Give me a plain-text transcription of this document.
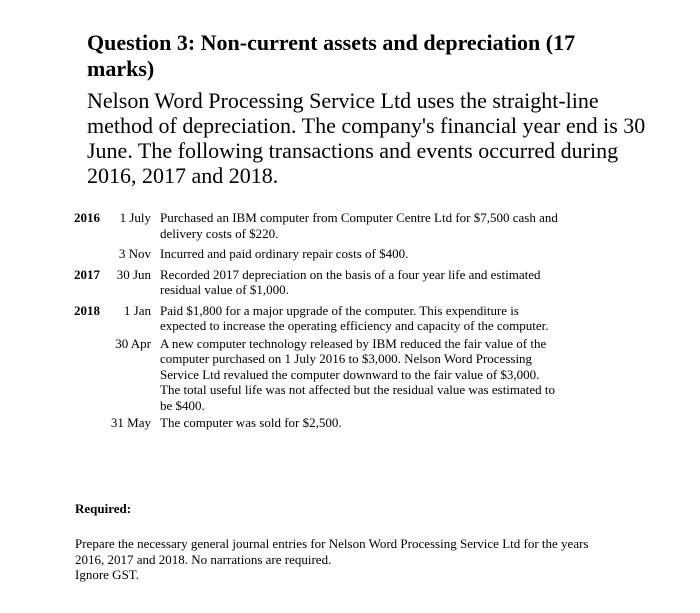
Question 3: Non-current assets and depreciation (17 marks)

Nelson Word Processing Service Ltd uses the straight-line method of depreciation. The company's financial year end is 30 June. The following transactions and events occurred during 2016, 2017 and 2018.

2016 1 July Purchased an IBM computer from Computer Centre Ltd for $7,500 cash and delivery costs of $220.
3 Nov Incurred and paid ordinary repair costs of $400.
2017 30 Jun Recorded 2017 depreciation on the basis of a four year life and estimated residual value of $1,000.
2018 1 Jan Paid $1,800 for a major upgrade of the computer. This expenditure is expected to increase the operating efficiency and capacity of the computer.
30 Apr A new computer technology released by IBM reduced the fair value of the computer purchased on 1 July 2016 to $3,000. Nelson Word Processing Service Ltd revalued the computer downward to the fair value of $3,000. The total useful life was not affected but the residual value was estimated to be $400.
31 May The computer was sold for $2,500.

Required:

Prepare the necessary general journal entries for Nelson Word Processing Service Ltd for the years 2016, 2017 and 2018. No narrations are required.
Ignore GST.
